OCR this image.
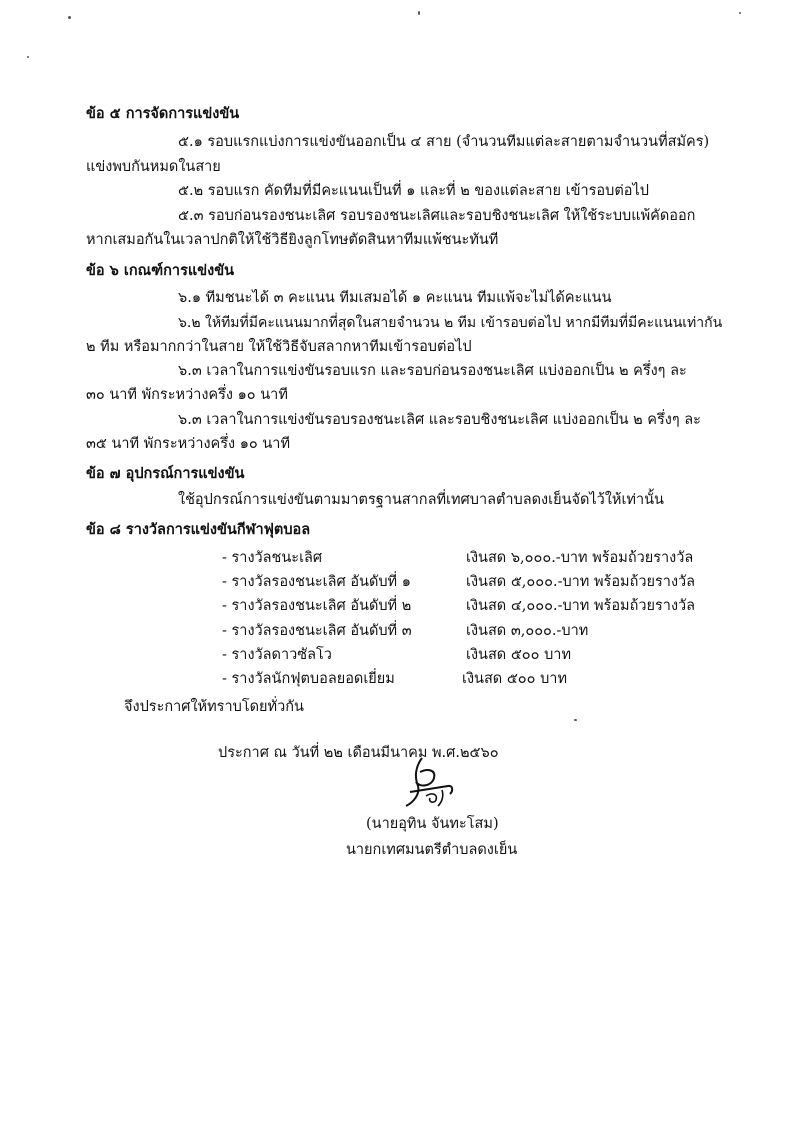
ข้อ ๕ การจัดการแข่งขัน
๕.๑ รอบแรกแบ่งการแข่งขันออกเป็น ๔ สาย (จำนวนทีมแต่ละสายตามจำนวนที่สมัคร)
แข่งพบกันหมดในสาย
๕.๒ รอบแรก คัดทีมที่มีคะแนนเป็นที่ ๑ และที่ ๒ ของแต่ละสาย เข้ารอบต่อไป
๕.๓ รอบก่อนรองชนะเลิศ รอบรองชนะเลิศและรอบชิงชนะเลิศ ให้ใช้ระบบแพ้คัดออก
หากเสมอกันในเวลาปกติให้ใช้วิธียิงลูกโทษตัดสินหาทีมแพ้ชนะทันที
ข้อ ๖ เกณฑ์การแข่งขัน
๖.๑ ทีมชนะได้ ๓ คะแนน ทีมเสมอได้ ๑ คะแนน ทีมแพ้จะไม่ได้คะแนน
๖.๒ ให้ทีมที่มีคะแนนมากที่สุดในสายจำนวน ๒ ทีม เข้ารอบต่อไป หากมีทีมที่มีคะแนนเท่ากัน
๒ ทีม หรือมากกว่าในสาย ให้ใช้วิธีจับสลากหาทีมเข้ารอบต่อไป
๖.๓ เวลาในการแข่งขันรอบแรก และรอบก่อนรองชนะเลิศ แบ่งออกเป็น ๒ ครึ่งๆ ละ
๓๐ นาที พักระหว่างครึ่ง ๑๐ นาที
๖.๓ เวลาในการแข่งขันรอบรองชนะเลิศ และรอบชิงชนะเลิศ แบ่งออกเป็น ๒ ครึ่งๆ ละ
๓๕ นาที พักระหว่างครึ่ง ๑๐ นาที
ข้อ ๗ อุปกรณ์การแข่งขัน
ใช้อุปกรณ์การแข่งขันตามมาตรฐานสากลที่เทศบาลตำบลดงเย็นจัดไว้ให้เท่านั้น
ข้อ ๘ รางวัลการแข่งขันกีฬาฟุตบอล
- รางวัลชนะเลิศ	เงินสด ๖,๐๐๐.-บาท พร้อมถ้วยรางวัล
- รางวัลรองชนะเลิศ อันดับที่ ๑	เงินสด ๕,๐๐๐.-บาท พร้อมถ้วยรางวัล
- รางวัลรองชนะเลิศ อันดับที่ ๒	เงินสด ๔,๐๐๐.-บาท พร้อมถ้วยรางวัล
- รางวัลรองชนะเลิศ อันดับที่ ๓	เงินสด ๓,๐๐๐.-บาท
- รางวัลดาวซัลโว	เงินสด ๕๐๐ บาท
- รางวัลนักฟุตบอลยอดเยี่ยม	เงินสด ๕๐๐ บาท
จึงประกาศให้ทราบโดยทั่วกัน
ประกาศ ณ วันที่ ๒๒ เดือนมีนาคม พ.ศ.๒๕๖๐
(นายอุทิน จันทะโสม)
นายกเทศมนตรีตำบลดงเย็น
